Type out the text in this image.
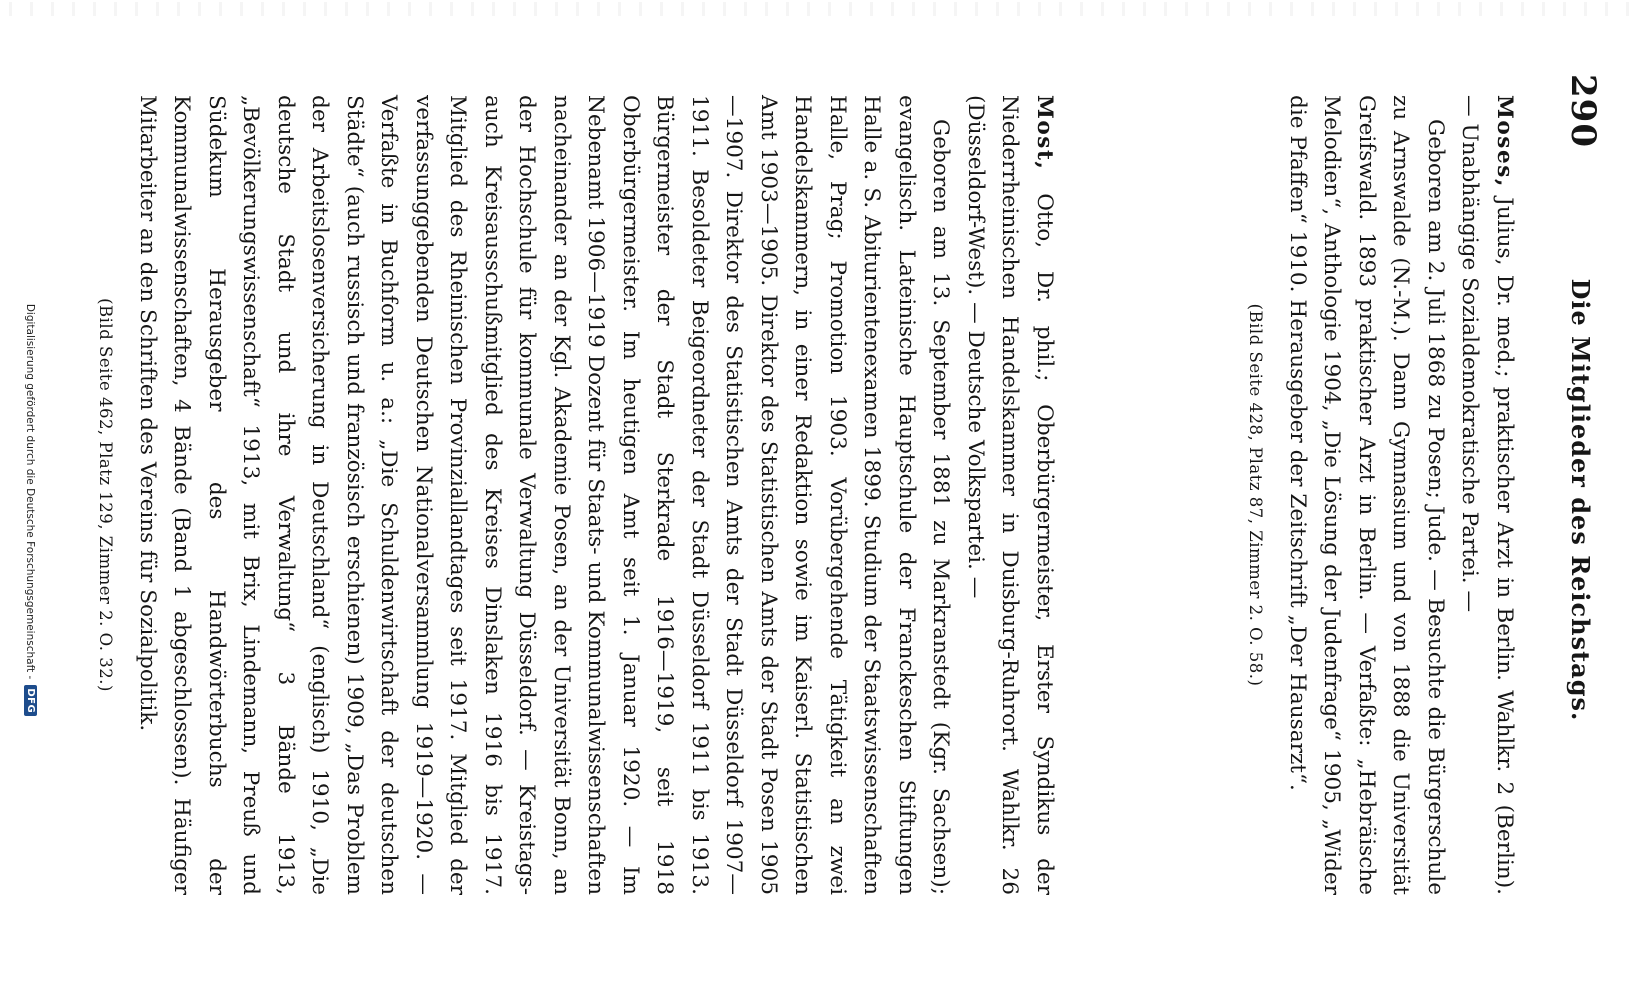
290
Die Mitglieder des Reichstags.

Moses, Julius, Dr. med.; praktischer Arzt in Berlin. Wahlkr. 2 (Berlin). — Unabhängige Sozialdemokratische Partei. —

Geboren am 2. Juli 1868 zu Posen; Jude. — Besuchte die Bürgerschule zu Arnswalde (N.-M.). Dann Gymnasium und von 1888 die Universität Greifswald. 1893 praktischer Arzt in Berlin. — Verfaßte: „Hebräische Melodien“, Anthologie 1904, „Die Lösung der Judenfrage“ 1905, „Wider die Pfaffen“ 1910. Herausgeber der Zeitschrift „Der Hausarzt“.

(Bild Seite 428, Platz 87, Zimmer 2. O. 58.)

Most, Otto, Dr. phil.; Oberbürgermeister, Erster Syndikus der Niederrheinischen Handelskammer in Duisburg-Ruhrort. Wahlkr. 26 (Düsseldorf-West). — Deutsche Volkspartei. —

Geboren am 13. September 1881 zu Markranstedt (Kgr. Sachsen); evangelisch. Lateinische Hauptschule der Franckeschen Stiftungen Halle a. S. Abiturientenexamen 1899. Studium der Staatswissenschaften Halle, Prag; Promotion 1903. Vorübergehende Tätigkeit an zwei Handelskammern, in einer Redaktion sowie im Kaiserl. Statistischen Amt 1903—1905. Direktor des Statistischen Amts der Stadt Posen 1905—1907. Direktor des Statistischen Amts der Stadt Düsseldorf 1907—1911. Besoldeter Beigeordneter der Stadt Düsseldorf 1911 bis 1913. Bürgermeister der Stadt Sterkrade 1916—1919, seit 1918 Oberbürgermeister. Im heutigen Amt seit 1. Januar 1920. — Im Nebenamt 1906—1919 Dozent für Staats- und Kommunalwissenschaften nacheinander an der Kgl. Akademie Posen, an der Universität Bonn, an der Hochschule für kommunale Verwaltung Düsseldorf. — Kreistags- auch Kreisausschußmitglied des Kreises Dinslaken 1916 bis 1917. Mitglied des Rheinischen Provinziallandtages seit 1917. Mitglied der verfassunggebenden Deutschen Nationalversammlung 1919—1920. — Verfaßte in Buchform u. a.: „Die Schuldenwirtschaft der deutschen Städte“ (auch russisch und französisch erschienen) 1909, „Das Problem der Arbeitslosenversicherung in Deutschland“ (englisch) 1910, „Die deutsche Stadt und ihre Verwaltung“ 3 Bände 1913, „Bevölkerungswissenschaft“ 1913, mit Brix, Lindemann, Preuß und Südekum Herausgeber des Handwörterbuchs der Kommunalwissenschaften, 4 Bände (Band 1 abgeschlossen). Häufiger Mitarbeiter an den Schriften des Vereins für Sozialpolitik.

(Bild Seite 462, Platz 129, Zimmer 2. O. 32.)
Digitalisierung gefördert durch die Deutsche Forschungsgemeinschaft -
DFG
